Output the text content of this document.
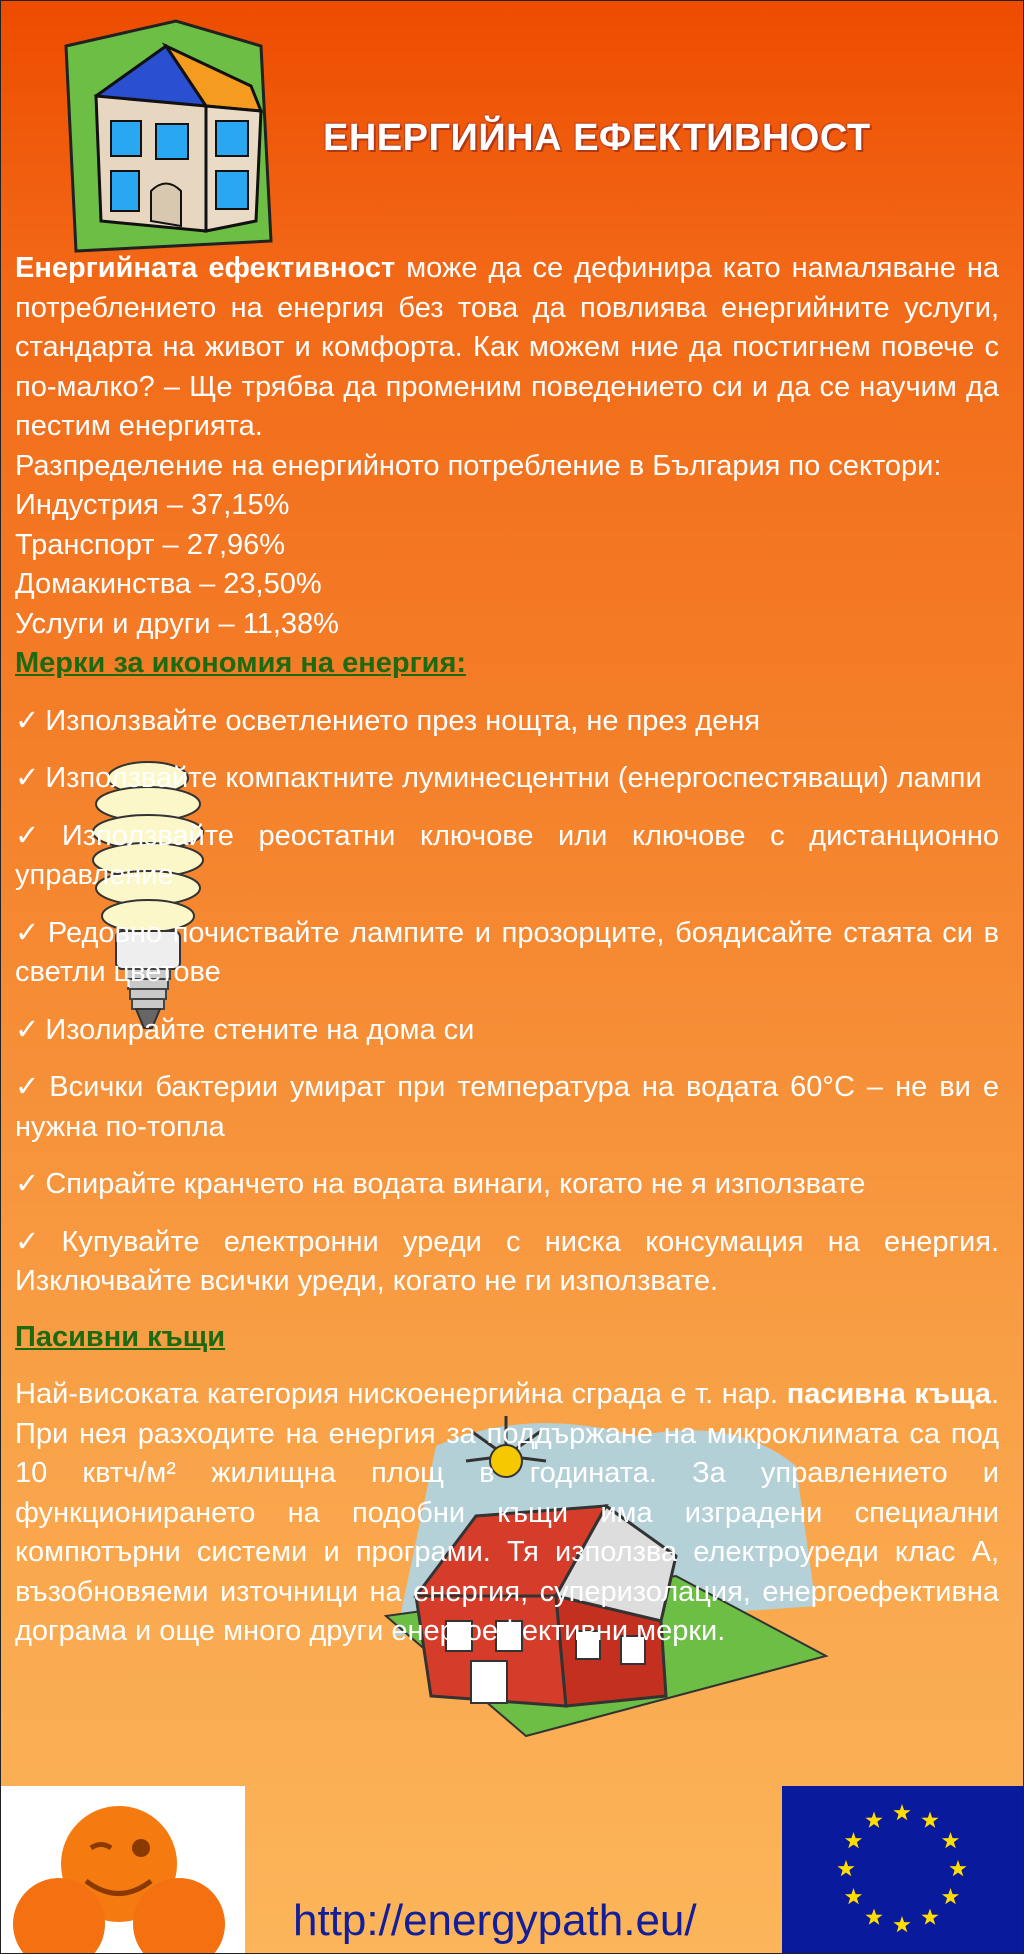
ЕНЕРГИЙНА ЕФЕКТИВНОСТ

Енергийната ефективност може да се дефинира като намаляване на потреблението на енергия без това да повлиява енергийните услуги, стандарта на живот и комфорта. Как можем ние да постигнем повече с по-малко? – Ще трябва да променим поведението си и да се научим да пестим енергията.

Разпределение на енергийното потребление в България по сектори:

Индустрия – 37,15%

Транспорт – 27,96%

Домакинства – 23,50%

Услуги и други – 11,38%

Мерки за икономия на енергия:

✓ Използвайте осветлението през нощта, не през деня

✓ Използвайте компактните луминесцентни (енергоспестяващи) лампи

✓ Използвайте реостатни ключове или ключове с дистанционно управление

✓ Редовно почиствайте лампите и прозорците, боядисайте стаята си в светли цветове

✓ Изолирайте стените на дома си

✓ Всички бактерии умират при температура на водата 60°С – не ви е нужна по-топла

✓ Спирайте кранчето на водата винаги, когато не я използвате

✓ Купувайте електронни уреди с ниска консумация на енергия. Изключвайте всички уреди, когато не ги използвате.

Пасивни къщи

Най-високата категория нискоенергийна сграда е т. нар. пасивна къща. При нея разходите на енергия за поддържане на микроклимата са под 10 квтч/м² жилищна площ в годината. За управлението и функционирането на подобни къщи има изградени специални компютърни системи и програми. Тя използва електроуреди клас А, възобновяеми източници на енергия, суперизолация, енергоефективна дограма и още много други енергоефективни мерки.

http://energypath.eu/
